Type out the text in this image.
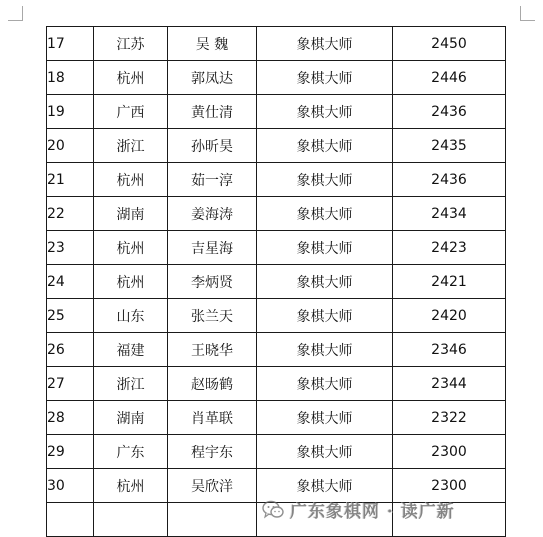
17	江苏	吴 魏	象棋大师	2450
18	杭州	郭凤达	象棋大师	2446
19	广西	黄仕清	象棋大师	2436
20	浙江	孙昕昊	象棋大师	2435
21	杭州	茹一淳	象棋大师	2436
22	湖南	姜海涛	象棋大师	2434
23	杭州	吉星海	象棋大师	2423
24	杭州	李炳贤	象棋大师	2421
25	山东	张兰天	象棋大师	2420
26	福建	王晓华	象棋大师	2346
27	浙江	赵旸鹤	象棋大师	2344
28	湖南	肖革联	象棋大师	2322
29	广东	程宇东	象棋大师	2300
30	杭州	吴欣洋	象棋大师	2300

广东象棋网 · 读广新
